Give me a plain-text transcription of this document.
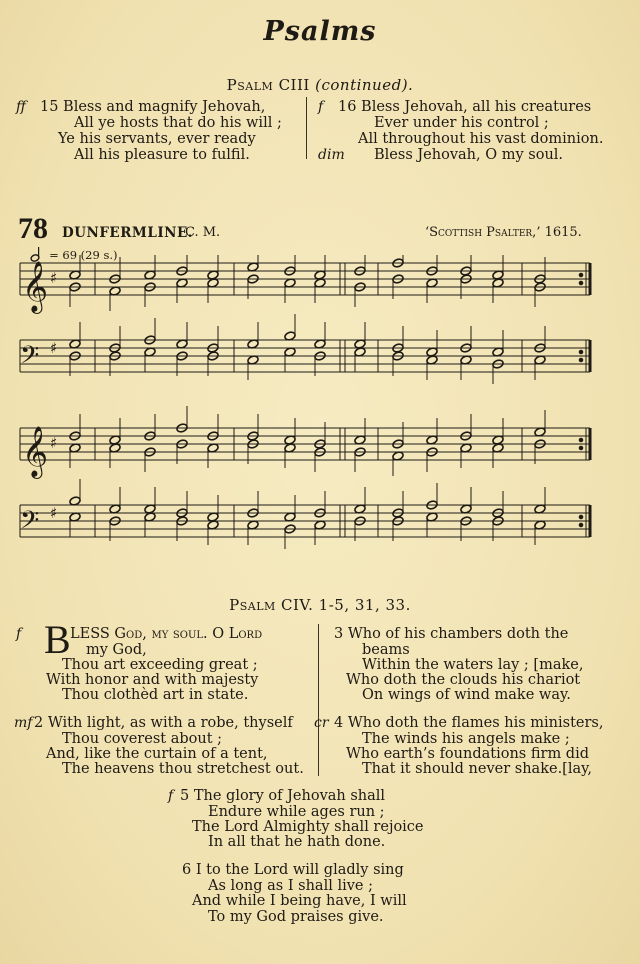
Psalms
Psalm CIII (continued).
ff 15 Bless and magnify Jehovah,
All ye hosts that do his will ;
Ye his servants, ever ready
All his pleasure to fulfil.
f 16 Bless Jehovah, all his creatures
Ever under his control ;
All throughout his vast dominion.
dim Bless Jehovah, O my soul.
78 DUNFERMLINE.
C. M.	‘Scottish Psalter,’ 1615.
= 69 (29 s.)
𝄞
𝄢
𝄞
𝄢
♯
♯
♯
♯
Psalm CIV. 1-5, 31, 33.
f B LESS God, my soul. O Lord
my God,
Thou art exceeding great ;
With honor and with majesty
Thou clothèd art in state.
mf 2 With light, as with a robe, thyself
Thou coverest about ;
And, like the curtain of a tent,
The heavens thou stretchest out.
3 Who of his chambers doth the
beams
Within the waters lay ; [make,
Who doth the clouds his chariot
On wings of wind make way.
cr 4 Who doth the flames his ministers,
The winds his angels make ;
Who earth’s foundations firm did
That it should never shake.[lay,
f 5 The glory of Jehovah shall
Endure while ages run ;
The Lord Almighty shall rejoice
In all that he hath done.
6 I to the Lord will gladly sing
As long as I shall live ;
And while I being have, I will
To my God praises give.
